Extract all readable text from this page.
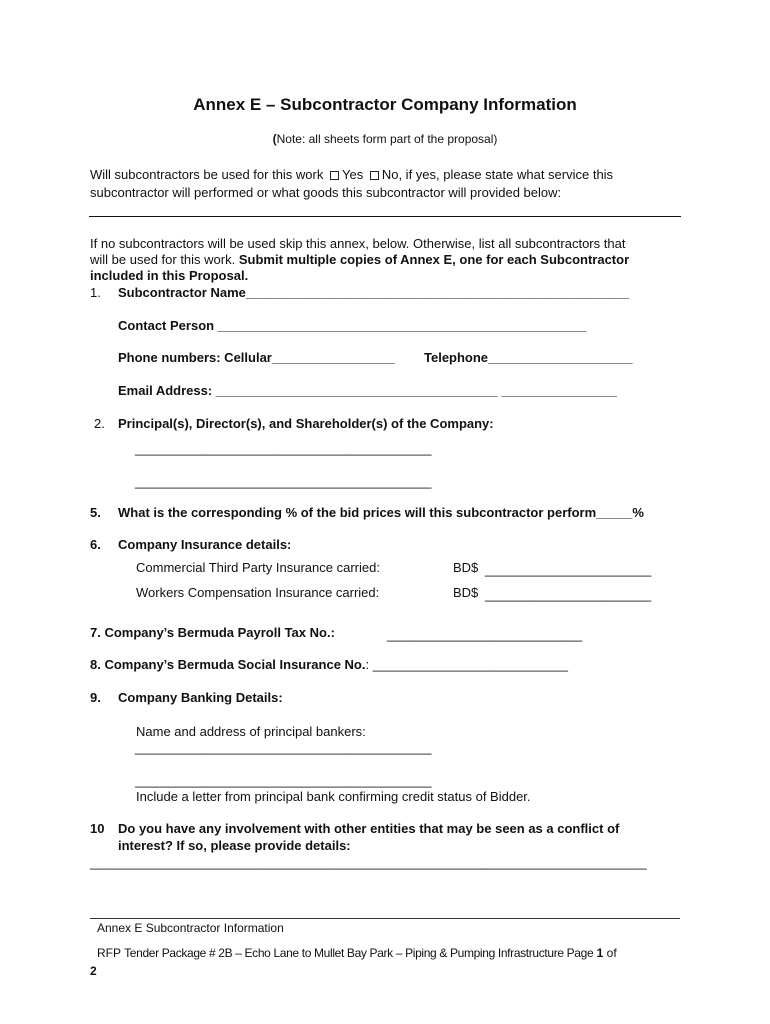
Annex E – Subcontractor Company Information
(Note: all sheets form part of the proposal)
Will subcontractors be used for this work Yes No, if yes, please state what service this
subcontractor will performed or what goods this subcontractor will provided below:
If no subcontractors will be used skip this annex, below. Otherwise, list all subcontractors that
will be used for this work. Submit multiple copies of Annex E, one for each Subcontractor
included in this Proposal.
1. Subcontractor Name_____________________________________________________
Contact Person ___________________________________________________
Phone numbers: Cellular_________________ Telephone____________________
Email Address: _______________________________________ ________________
2. Principal(s), Director(s), and Shareholder(s) of the Company:
_________________________________________
_________________________________________
5. What is the corresponding % of the bid prices will this subcontractor perform_____%
6. Company Insurance details:
Commercial Third Party Insurance carried:	BD$ _______________________
Workers Compensation Insurance carried:	BD$ _______________________
7. Company’s Bermuda Payroll Tax No.:	___________________________
8. Company’s Bermuda Social Insurance No.: ___________________________
9. Company Banking Details:
Name and address of principal bankers:
_________________________________________
_________________________________________
Include a letter from principal bank confirming credit status of Bidder.
10 Do you have any involvement with other entities that may be seen as a conflict of
interest? If so, please provide details:
_____________________________________________________________________________
Annex E Subcontractor Information
RFP Tender Package # 2B – Echo Lane to Mullet Bay Park – Piping & Pumping Infrastructure Page 1 of
2
